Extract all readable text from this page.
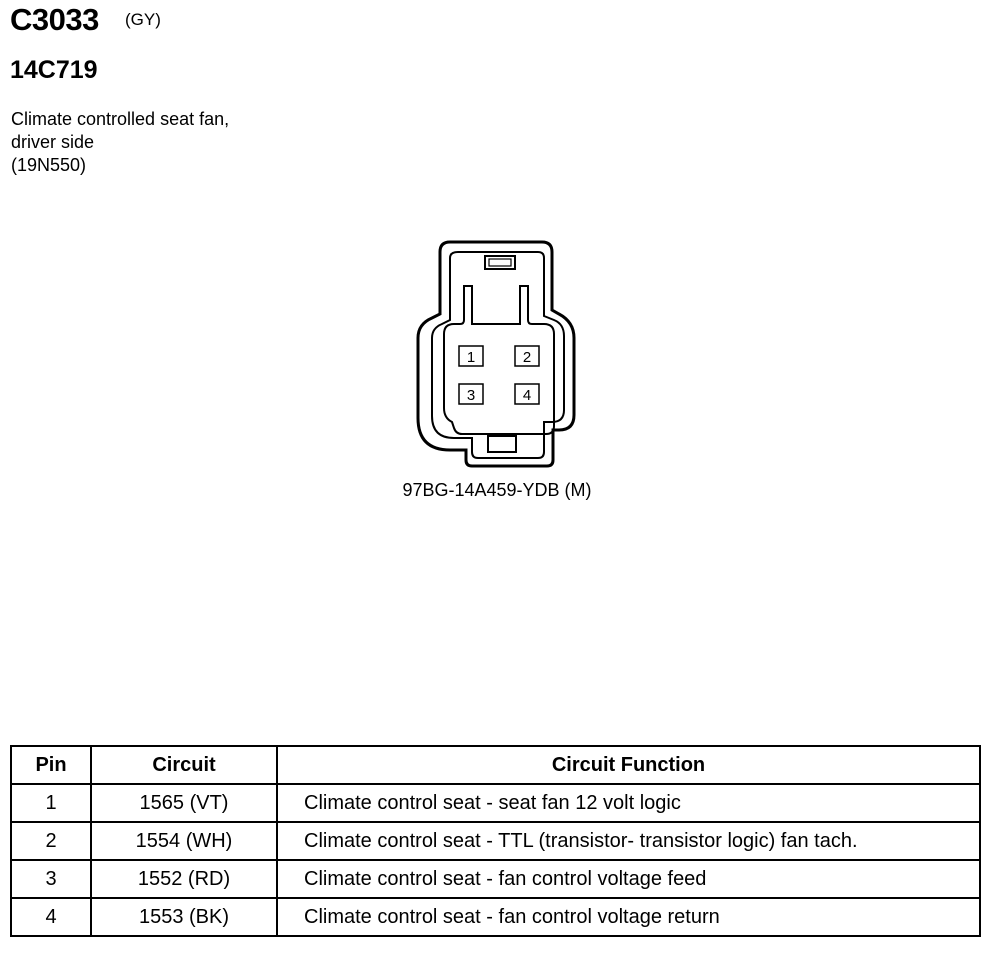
C3033 (GY)
14C719
Climate controlled seat fan,
driver side
(19N550)
1	2
3	4
97BG-14A459-YDB (M)
Pin	Circuit	Circuit Function
1	1565 (VT)	Climate control seat - seat fan 12 volt logic
2	1554 (WH)	Climate control seat - TTL (transistor- transistor logic) fan tach.
3	1552 (RD)	Climate control seat - fan control voltage feed
4	1553 (BK)	Climate control seat - fan control voltage return
